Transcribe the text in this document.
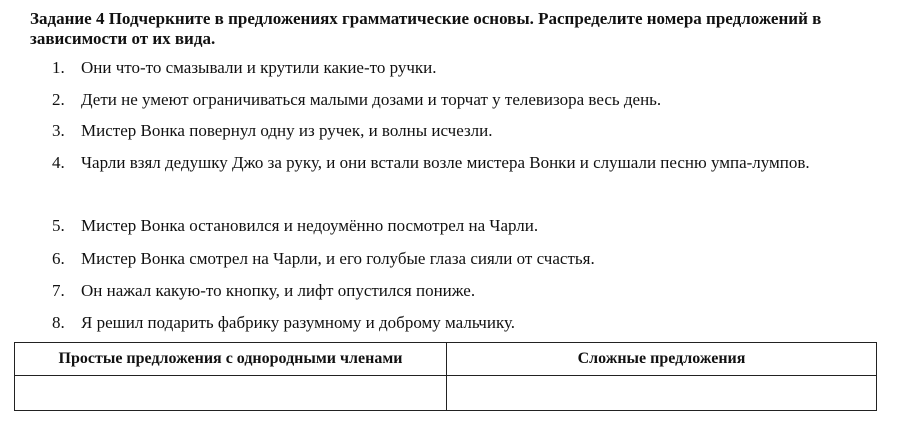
Задание 4 Подчеркните в предложениях грамматические основы. Распределите номера предложений в зависимости от их вида.
1. Они что-то смазывали и крутили какие-то ручки.
2. Дети не умеют ограничиваться малыми дозами и торчат у телевизора весь день.
3. Мистер Вонка повернул одну из ручек, и волны исчезли.
4. Чарли взял дедушку Джо за руку, и они встали возле мистера Вонки и слушали песню умпа-лумпов.
5. Мистер Вонка остановился и недоумённо посмотрел на Чарли.
6. Мистер Вонка смотрел на Чарли, и его голубые глаза сияли от счастья.
7. Он нажал какую-то кнопку, и лифт опустился пониже.
8. Я решил подарить фабрику разумному и доброму мальчику.
Простые предложения с однородными членами	Сложные предложения
